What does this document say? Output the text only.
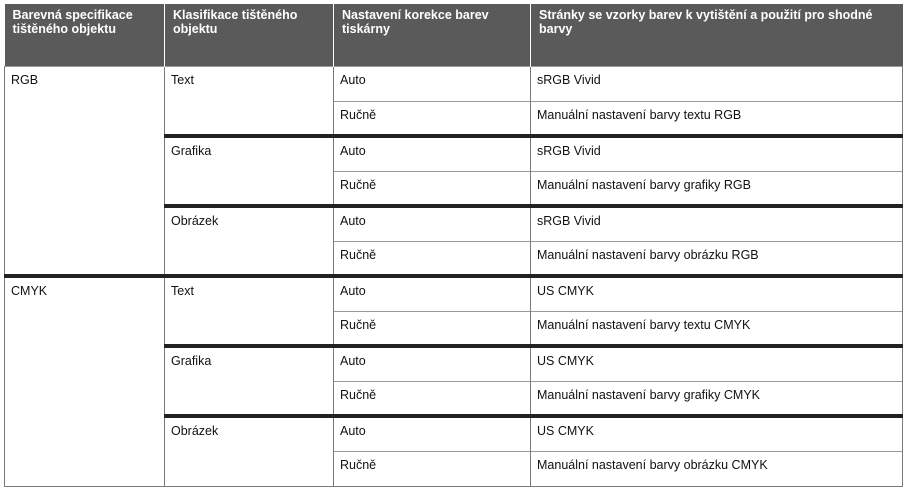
Barevná specifikace tištěného objektu	Klasifikace tištěného objektu	Nastavení korekce barev tiskárny	Stránky se vzorky barev k vytištění a použití pro shodné barvy
RGB	Text	Auto	sRGB Vivid
		Ručně	Manuální nastavení barvy textu RGB
	Grafika	Auto	sRGB Vivid
		Ručně	Manuální nastavení barvy grafiky RGB
	Obrázek	Auto	sRGB Vivid
		Ručně	Manuální nastavení barvy obrázku RGB
CMYK	Text	Auto	US CMYK
		Ručně	Manuální nastavení barvy textu CMYK
	Grafika	Auto	US CMYK
		Ručně	Manuální nastavení barvy grafiky CMYK
	Obrázek	Auto	US CMYK
		Ručně	Manuální nastavení barvy obrázku CMYK
